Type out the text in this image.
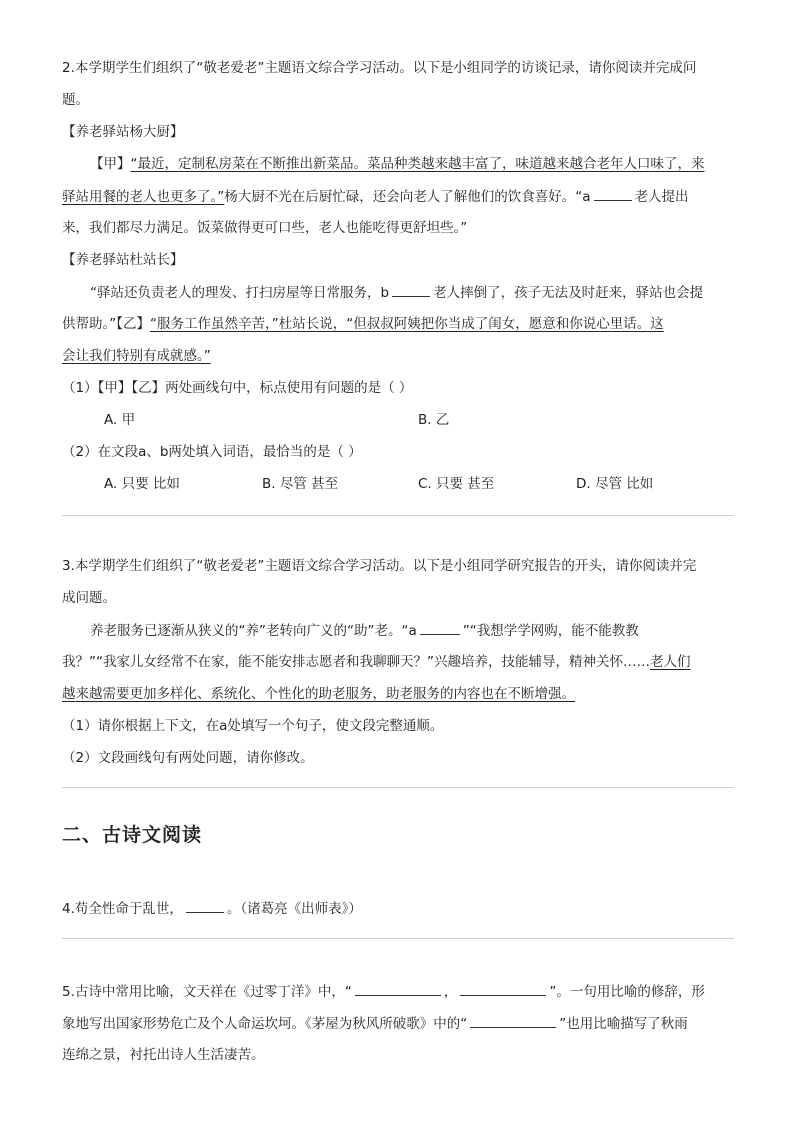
2.本学期学生们组织了“敬老爱老”主题语文综合学习活动。以下是小组同学的访谈记录，请你阅读并完成问
题。
【养老驿站杨大厨】
【甲】“最近，定制私房菜在不断推出新菜品。菜品种类越来越丰富了，味道越来越合老年人口味了，来
驿站用餐的老人也更多了。”杨大厨不光在后厨忙碌，还会向老人了解他们的饮食喜好。“a	老人提出
来，我们都尽力满足。饭菜做得更可口些，老人也能吃得更舒坦些。”
【养老驿站杜站长】
“驿站还负责老人的理发、打扫房屋等日常服务，b	老人摔倒了，孩子无法及时赶来，驿站也会提
供帮助。”【乙】“服务工作虽然辛苦，”杜站长说，“但叔叔阿姨把你当成了闺女，愿意和你说心里话。这
会让我们特别有成就感。”
（1）【甲】【乙】两处画线句中，标点使用有问题的是（ ）
A. 甲	B. 乙
（2）在文段a、b两处填入词语，最恰当的是（ ）
A. 只要 比如	B. 尽管 甚至	C. 只要 甚至	D. 尽管 比如
3.本学期学生们组织了“敬老爱老”主题语文综合学习活动。以下是小组同学研究报告的开头，请你阅读并完
成问题。
养老服务已逐渐从狭义的“养”老转向广义的“助”老。“a	”“我想学学网购，能不能教教
我？”“我家儿女经常不在家，能不能安排志愿者和我聊聊天？”兴趣培养，技能辅导，精神关怀……老人们
越来越需要更加多样化、系统化、个性化的助老服务，助老服务的内容也在不断增强。
（1）请你根据上下文，在a处填写一个句子，使文段完整通顺。
（2）文段画线句有两处问题，请你修改。
二、古诗文阅读
4.苟全性命于乱世，	。（诸葛亮《出师表》）
5.古诗中常用比喻，文天祥在《过零丁洋》中，“	，	”。一句用比喻的修辞，形
象地写出国家形势危亡及个人命运坎坷。《茅屋为秋风所破歌》中的“	”也用比喻描写了秋雨
连绵之景，衬托出诗人生活凄苦。
